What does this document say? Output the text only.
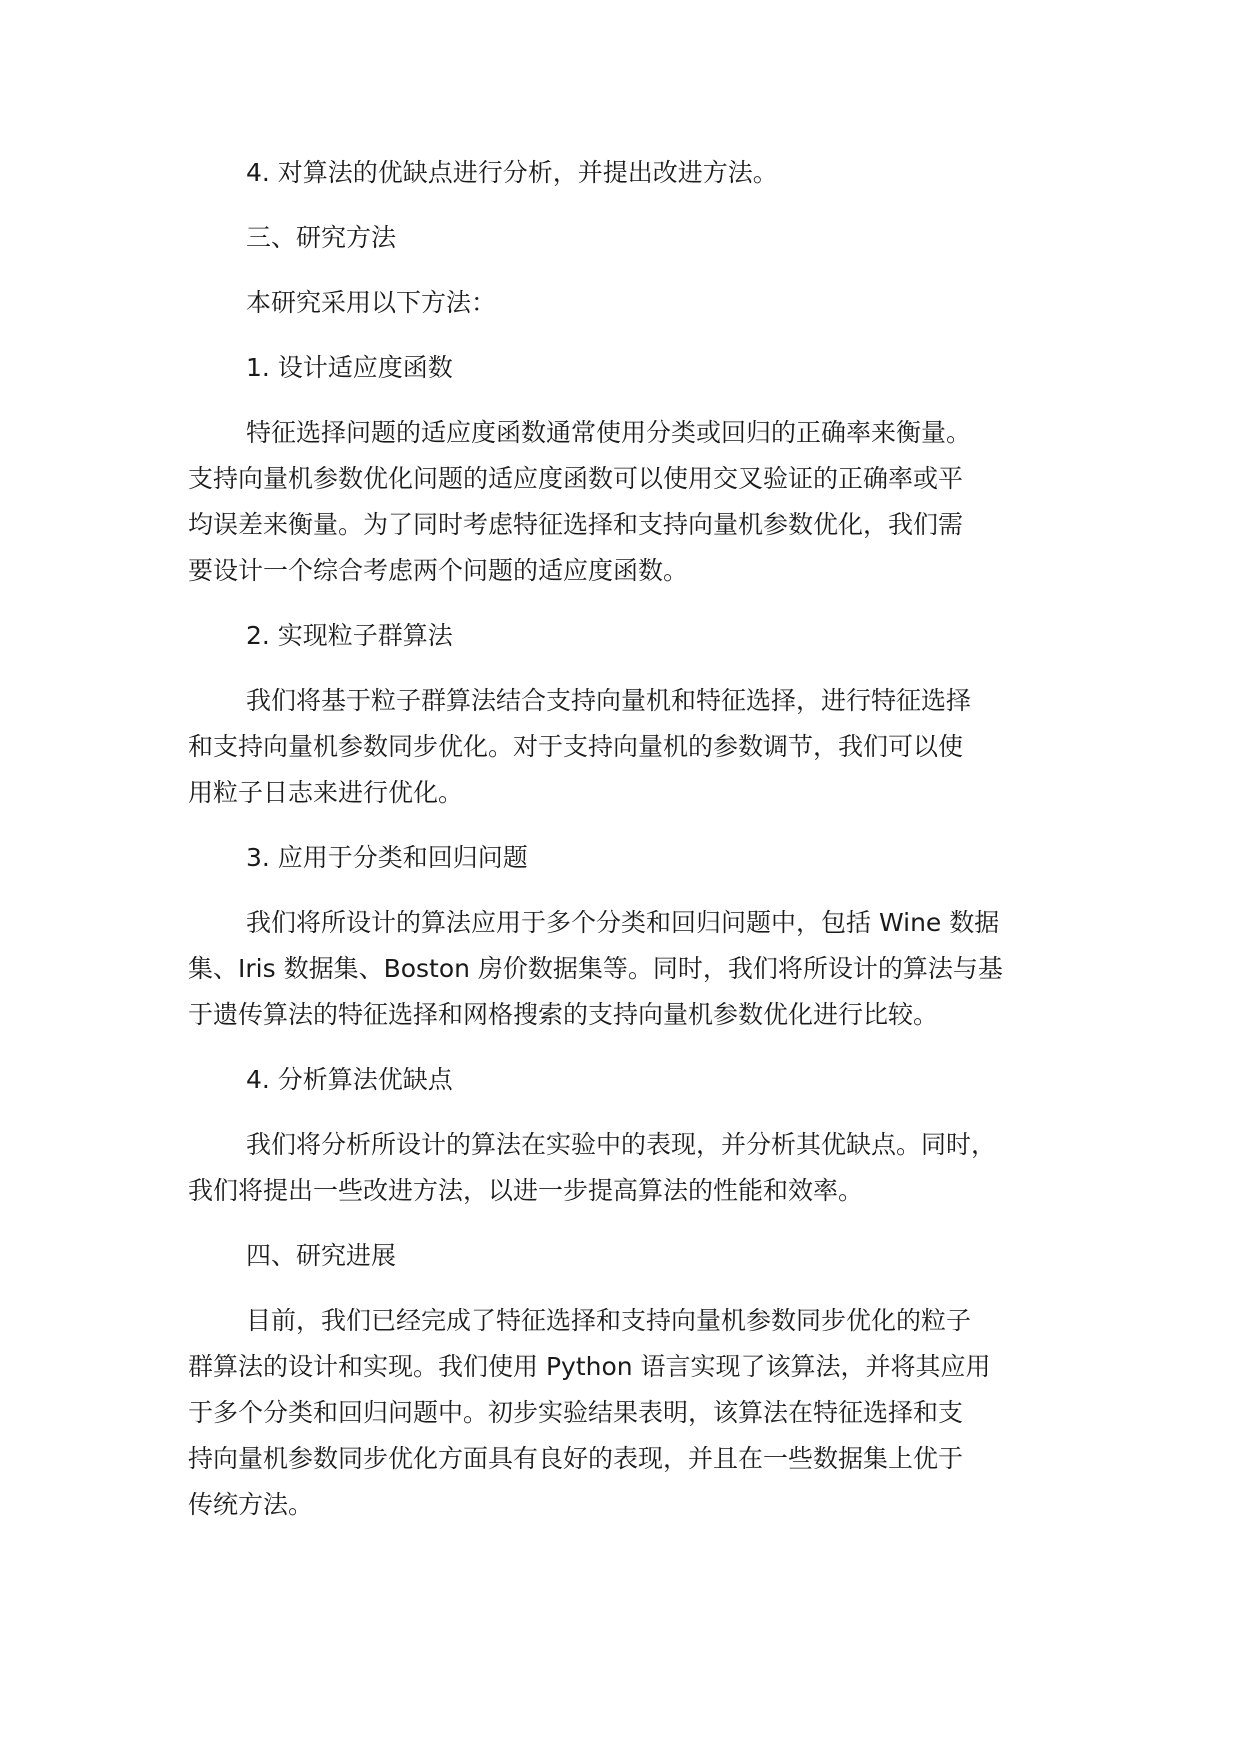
4. 对算法的优缺点进行分析，并提出改进方法。
三、研究方法
本研究采用以下方法：
1. 设计适应度函数
特征选择问题的适应度函数通常使用分类或回归的正确率来衡量。
支持向量机参数优化问题的适应度函数可以使用交叉验证的正确率或平
均误差来衡量。为了同时考虑特征选择和支持向量机参数优化，我们需
要设计一个综合考虑两个问题的适应度函数。
2. 实现粒子群算法
我们将基于粒子群算法结合支持向量机和特征选择，进行特征选择
和支持向量机参数同步优化。对于支持向量机的参数调节，我们可以使
用粒子日志来进行优化。
3. 应用于分类和回归问题
我们将所设计的算法应用于多个分类和回归问题中，包括 Wine 数据
集、Iris 数据集、Boston 房价数据集等。同时，我们将所设计的算法与基
于遗传算法的特征选择和网格搜索的支持向量机参数优化进行比较。
4. 分析算法优缺点
我们将分析所设计的算法在实验中的表现，并分析其优缺点。同时，
我们将提出一些改进方法，以进一步提高算法的性能和效率。
四、研究进展
目前，我们已经完成了特征选择和支持向量机参数同步优化的粒子
群算法的设计和实现。我们使用 Python 语言实现了该算法，并将其应用
于多个分类和回归问题中。初步实验结果表明，该算法在特征选择和支
持向量机参数同步优化方面具有良好的表现，并且在一些数据集上优于
传统方法。
